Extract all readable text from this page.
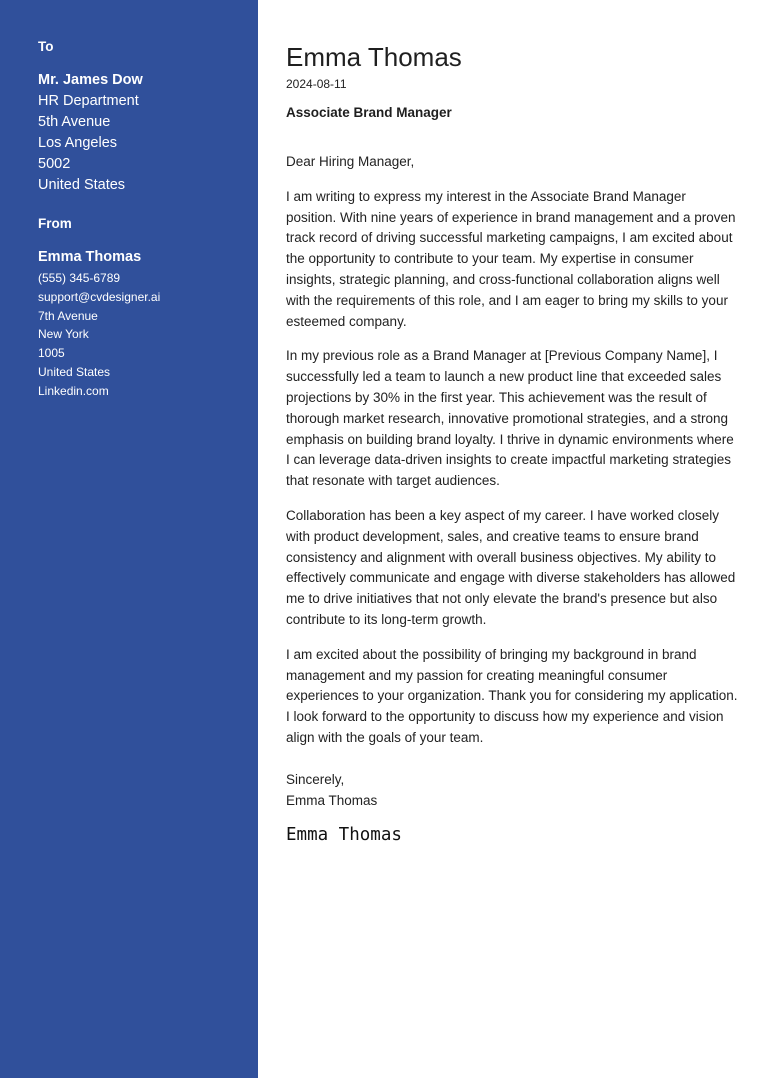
To
Mr. James Dow
HR Department
5th Avenue
Los Angeles
5002
United States
From
Emma Thomas
(555) 345-6789
support@cvdesigner.ai
7th Avenue
New York
1005
United States
Linkedin.com
Emma Thomas
2024-08-11
Associate Brand Manager
Dear Hiring Manager,

I am writing to express my interest in the Associate Brand Manager position. With nine years of experience in brand management and a proven track record of driving successful marketing campaigns, I am excited about the opportunity to contribute to your team. My expertise in consumer insights, strategic planning, and cross-functional collaboration aligns well with the requirements of this role, and I am eager to bring my skills to your esteemed company.

In my previous role as a Brand Manager at [Previous Company Name], I successfully led a team to launch a new product line that exceeded sales projections by 30% in the first year. This achievement was the result of thorough market research, innovative promotional strategies, and a strong emphasis on building brand loyalty. I thrive in dynamic environments where I can leverage data-driven insights to create impactful marketing strategies that resonate with target audiences.

Collaboration has been a key aspect of my career. I have worked closely with product development, sales, and creative teams to ensure brand consistency and alignment with overall business objectives. My ability to effectively communicate and engage with diverse stakeholders has allowed me to drive initiatives that not only elevate the brand's presence but also contribute to its long-term growth.

I am excited about the possibility of bringing my background in brand management and my passion for creating meaningful consumer experiences to your organization. Thank you for considering my application. I look forward to the opportunity to discuss how my experience and vision align with the goals of your team.

Sincerely,
Emma Thomas
Emma Thomas
